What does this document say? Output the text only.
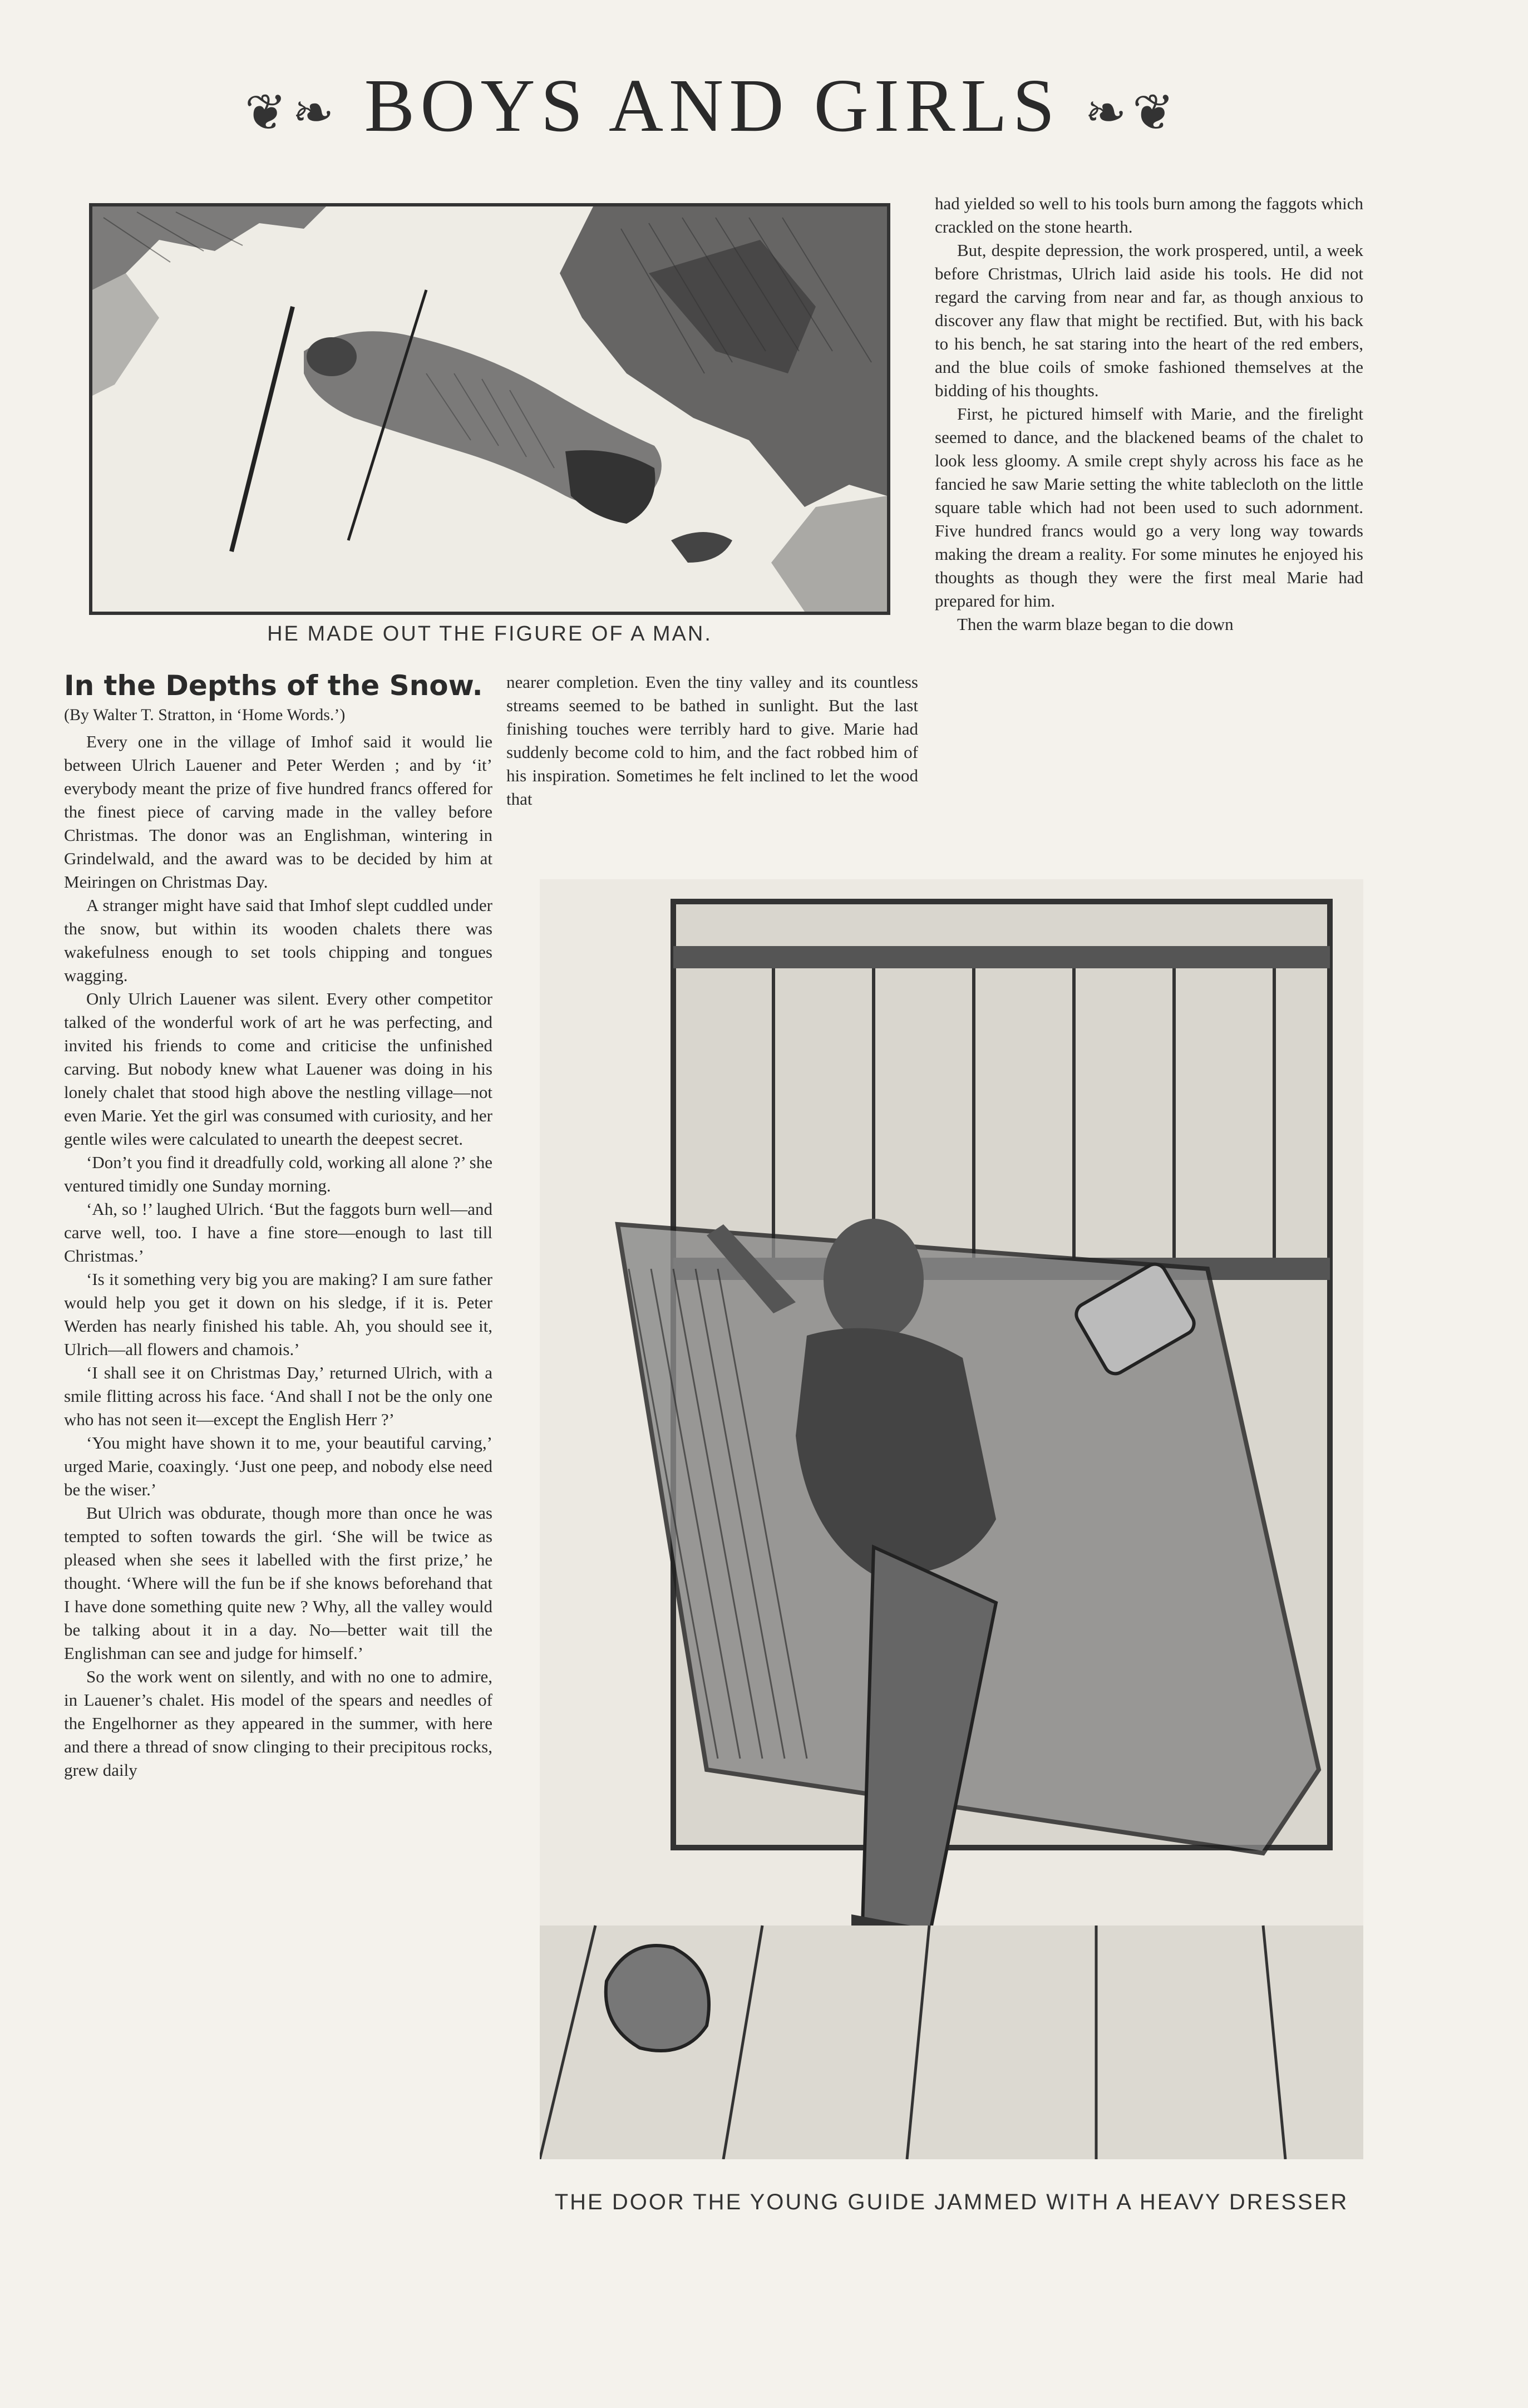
❦❧ BOYS AND GIRLS ❧❦
HE MADE OUT THE FIGURE OF A MAN.

In the Depths of the Snow.

(By Walter T. Stratton, in ‘Home Words.’)

Every one in the village of Imhof said it would lie between Ulrich Lauener and Peter Werden ; and by ‘it’ everybody meant the prize of five hundred francs offered for the finest piece of carving made in the valley before Christmas. The donor was an Englishman, wintering in Grindelwald, and the award was to be decided by him at Meiringen on Christmas Day.

A stranger might have said that Imhof slept cuddled under the snow, but within its wooden chalets there was wakefulness enough to set tools chipping and tongues wagging.

Only Ulrich Lauener was silent. Every other competitor talked of the wonderful work of art he was perfecting, and invited his friends to come and criticise the unfinished carving. But nobody knew what Lauener was doing in his lonely chalet that stood high above the nestling village—not even Marie. Yet the girl was consumed with curiosity, and her gentle wiles were calculated to unearth the deepest secret.

‘Don’t you find it dreadfully cold, working all alone ?’ she ventured timidly one Sunday morning.

‘Ah, so !’ laughed Ulrich. ‘But the faggots burn well—and carve well, too. I have a fine store—enough to last till Christmas.’

‘Is it something very big you are making? I am sure father would help you get it down on his sledge, if it is. Peter Werden has nearly finished his table. Ah, you should see it, Ulrich—all flowers and chamois.’

‘I shall see it on Christmas Day,’ returned Ulrich, with a smile flitting across his face. ‘And shall I not be the only one who has not seen it—except the English Herr ?’

‘You might have shown it to me, your beautiful carving,’ urged Marie, coaxingly. ‘Just one peep, and nobody else need be the wiser.’

But Ulrich was obdurate, though more than once he was tempted to soften towards the girl. ‘She will be twice as pleased when she sees it labelled with the first prize,’ he thought. ‘Where will the fun be if she knows beforehand that I have done something quite new ? Why, all the valley would be talking about it in a day. No—better wait till the Englishman can see and judge for himself.’

So the work went on silently, and with no one to admire, in Lauener’s chalet. His model of the spears and needles of the Engelhorner as they appeared in the summer, with here and there a thread of snow clinging to their precipitous rocks, grew daily

nearer completion. Even the tiny valley and its countless streams seemed to be bathed in sunlight. But the last finishing touches were terribly hard to give. Marie had suddenly become cold to him, and the fact robbed him of his inspiration. Sometimes he felt inclined to let the wood that

had yielded so well to his tools burn among the faggots which crackled on the stone hearth.

But, despite depression, the work prospered, until, a week before Christmas, Ulrich laid aside his tools. He did not regard the carving from near and far, as though anxious to discover any flaw that might be rectified. But, with his back to his bench, he sat staring into the heart of the red embers, and the blue coils of smoke fashioned themselves at the bidding of his thoughts.

First, he pictured himself with Marie, and the firelight seemed to dance, and the blackened beams of the chalet to look less gloomy. A smile crept shyly across his face as he fancied he saw Marie setting the white tablecloth on the little square table which had not been used to such adornment. Five hundred francs would go a very long way towards making the dream a reality. For some minutes he enjoyed his thoughts as though they were the first meal Marie had prepared for him.

Then the warm blaze began to die down

THE DOOR THE YOUNG GUIDE JAMMED WITH A HEAVY DRESSER
